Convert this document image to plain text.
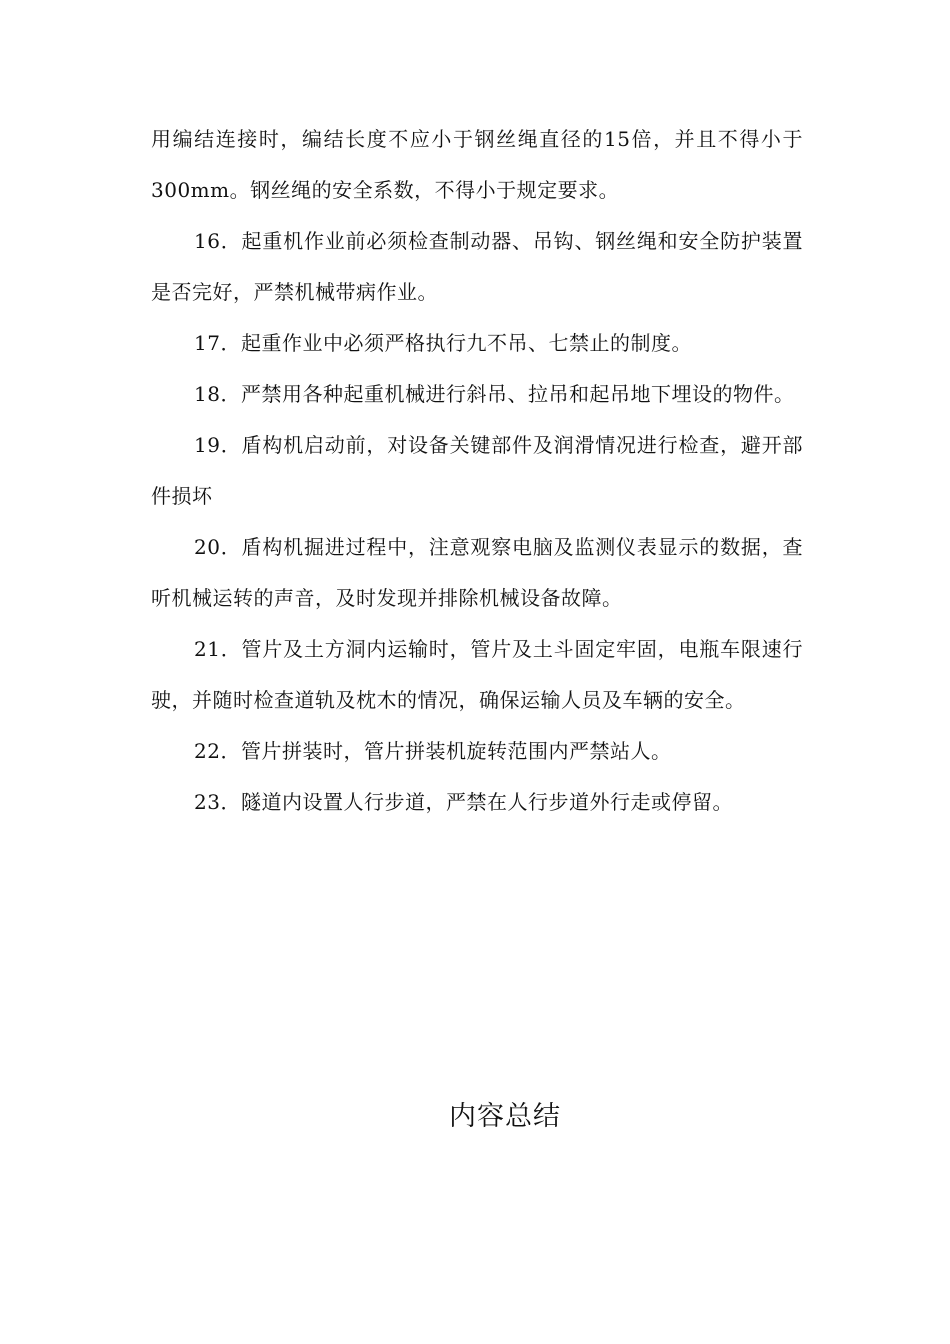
用编结连接时，编结长度不应小于钢丝绳直径的15倍，并且不得小于300mm。钢丝绳的安全系数，不得小于规定要求。

16．起重机作业前必须检查制动器、吊钩、钢丝绳和安全防护装置是否完好，严禁机械带病作业。

17．起重作业中必须严格执行九不吊、七禁止的制度。

18．严禁用各种起重机械进行斜吊、拉吊和起吊地下埋设的物件。

19．盾构机启动前，对设备关键部件及润滑情况进行检查，避开部件损坏

20．盾构机掘进过程中，注意观察电脑及监测仪表显示的数据，查听机械运转的声音，及时发现并排除机械设备故障。

21．管片及土方洞内运输时，管片及土斗固定牢固，电瓶车限速行驶，并随时检查道轨及枕木的情况，确保运输人员及车辆的安全。

22．管片拼装时，管片拼装机旋转范围内严禁站人。

23．隧道内设置人行步道，严禁在人行步道外行走或停留。

内容总结
